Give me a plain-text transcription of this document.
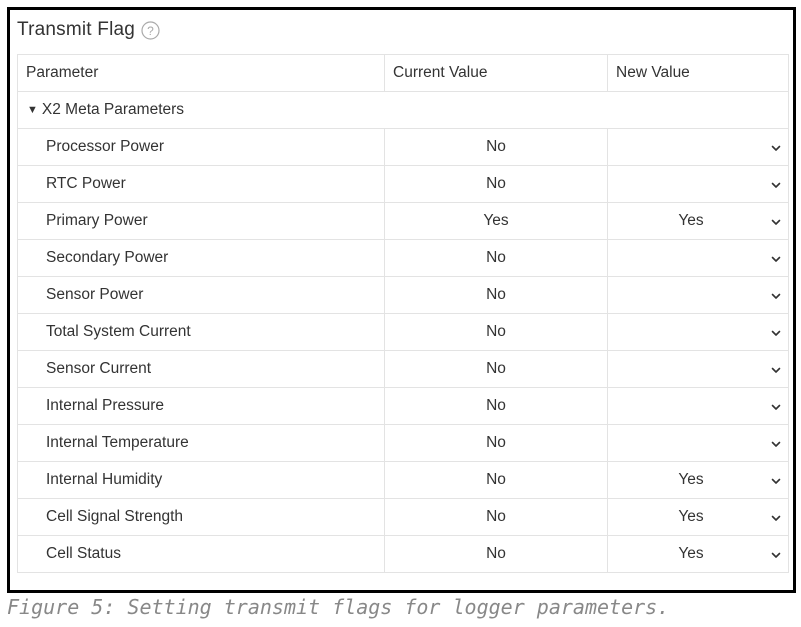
Transmit Flag ?
Parameter	Current Value	New Value
▼ X2 Meta Parameters		
Processor Power	No	

RTC Power	No	

Primary Power	Yes	Yes

Secondary Power	No	

Sensor Power	No	

Total System Current	No	

Sensor Current	No	

Internal Pressure	No	

Internal Temperature	No	

Internal Humidity	No	Yes

Cell Signal Strength	No	Yes

Cell Status	No	Yes
Figure 5: Setting transmit flags for logger parameters.
